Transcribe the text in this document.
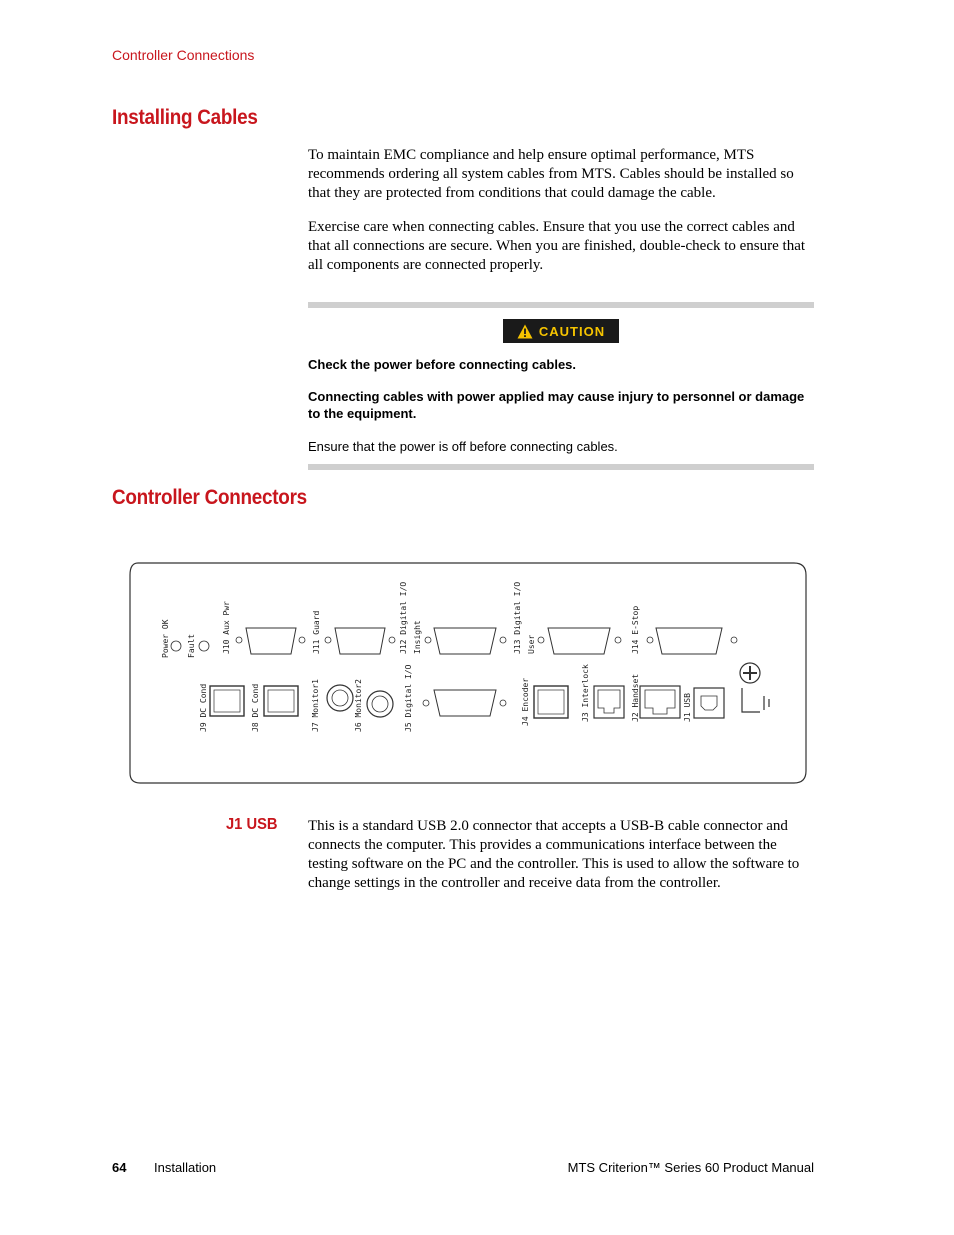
Controller Connections
Installing Cables
To maintain EMC compliance and help ensure optimal performance, MTS recommends ordering all system cables from MTS. Cables should be installed so that they are protected from conditions that could damage the cable.
Exercise care when connecting cables. Ensure that you use the correct cables and that all connections are secure. When you are finished, double-check to ensure that all components are connected properly.
CAUTION
Check the power before connecting cables.
Connecting cables with power applied may cause injury to personnel or damage to the equipment.
Ensure that the power is off before connecting cables.
Controller Connectors
Power OK Fault	J10 Aux Pwr	J11 Guard	J12 Digital I/O Insight	J13 Digital I/O User	J14 E-Stop
J9 DC Cond	J8 DC Cond	J7 Monitor1	J6 Monitor2	J5 Digital I/O	J4 Encoder	J3 Interlock	J2 Handset	J1 USB
J1 USB This is a standard USB 2.0 connector that accepts a USB-B cable connector and connects the computer. This provides a communications interface between the testing software on the PC and the controller. This is used to allow the software to change settings in the controller and receive data from the controller.
64 Installation	MTS Criterion™ Series 60 Product Manual
